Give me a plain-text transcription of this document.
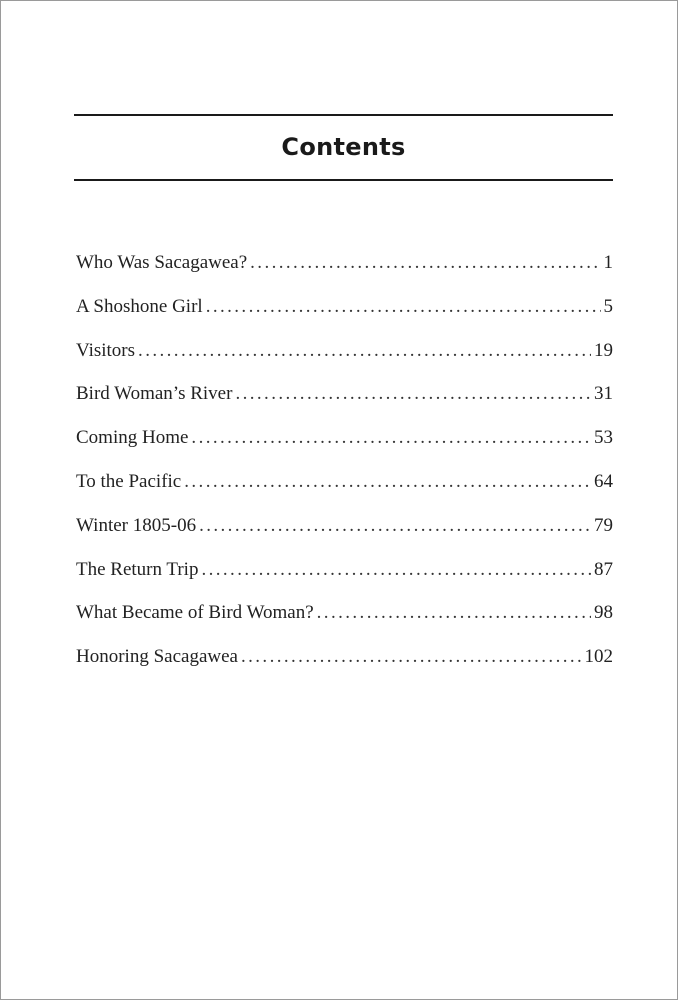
Contents
Who Was Sacagawea? .....	1
A Shoshone Girl .....	5
Visitors .....	19
Bird Woman’s River .....	31
Coming Home .....	53
To the Pacific .....	64
Winter 1805-06 .....	79
The Return Trip .....	87
What Became of Bird Woman? .....	98
Honoring Sacagawea .....	102
